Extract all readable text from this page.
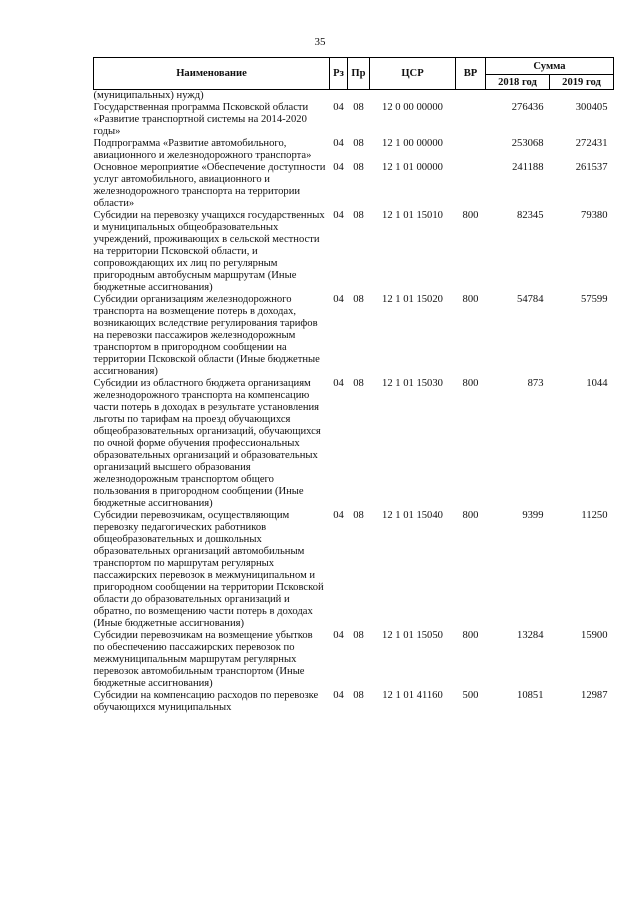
35
Наименование	Рз	Пр	ЦСР	ВР	Сумма	
					2018 год	2019 год
(муниципальных) нужд)						
Государственная программа Псковской области «Развитие транспортной системы на 2014-2020 годы»	04	08	12 0 00 00000		276436	300405
Подпрограмма «Развитие автомобильного, авиационного и железнодорожного транспорта»	04	08	12 1 00 00000		253068	272431
Основное мероприятие «Обеспечение доступности услуг автомобильного, авиационного и железнодорожного транспорта на территории области»	04	08	12 1 01 00000		241188	261537
Субсидии на перевозку учащихся государственных и муниципальных общеобразовательных учреждений, проживающих в сельской местности на территории Псковской области, и сопровождающих их лиц по регулярным пригородным автобусным маршрутам (Иные бюджетные ассигнования)	04	08	12 1 01 15010	800	82345	79380
Субсидии организациям железнодорожного транспорта на возмещение потерь в доходах, возникающих вследствие регулирования тарифов на перевозки пассажиров железнодорожным транспортом в пригородном сообщении на территории Псковской области (Иные бюджетные ассигнования)	04	08	12 1 01 15020	800	54784	57599
Субсидии из областного бюджета организациям железнодорожного транспорта на компенсацию части потерь в доходах в результате установления льготы по тарифам на проезд обучающихся общеобразовательных организаций, обучающихся по очной форме обучения профессиональных образовательных организаций и образовательных организаций высшего образования железнодорожным транспортом общего пользования в пригородном сообщении (Иные бюджетные ассигнования)	04	08	12 1 01 15030	800	873	1044
Субсидии перевозчикам, осуществляющим перевозку педагогических работников общеобразовательных и дошкольных образовательных организаций автомобильным транспортом по маршрутам регулярных пассажирских перевозок в межмуниципальном и пригородном сообщении на территории Псковской области до образовательных организаций и обратно, по возмещению части потерь в доходах (Иные бюджетные ассигнования)	04	08	12 1 01 15040	800	9399	11250
Субсидии перевозчикам на возмещение убытков по обеспечению пассажирских перевозок по межмуниципальным маршрутам регулярных перевозок автомобильным транспортом (Иные бюджетные ассигнования)	04	08	12 1 01 15050	800	13284	15900
Субсидии на компенсацию расходов по перевозке обучающихся муниципальных	04	08	12 1 01 41160	500	10851	12987
